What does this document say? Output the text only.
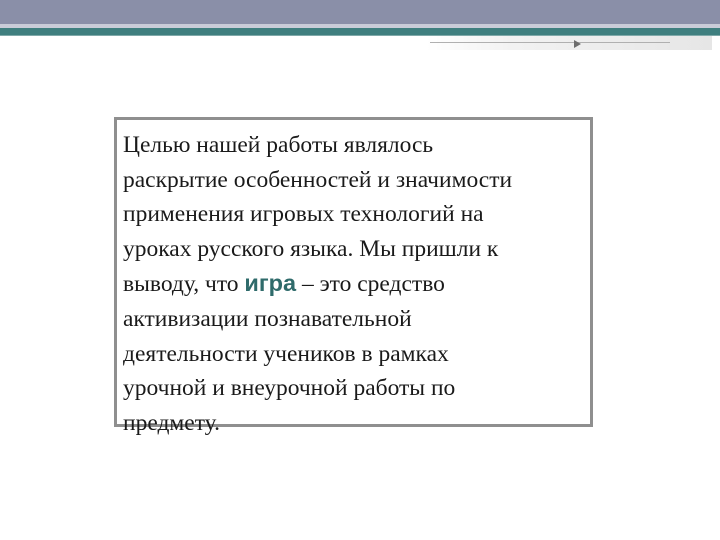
Целью нашей работы являлось
раскрытие особенностей и значимости
применения игровых технологий на
уроках русского языка. Мы пришли к
выводу, что игра – это средство
активизации познавательной
деятельности учеников в рамках
урочной и внеурочной работы по
предмету.
